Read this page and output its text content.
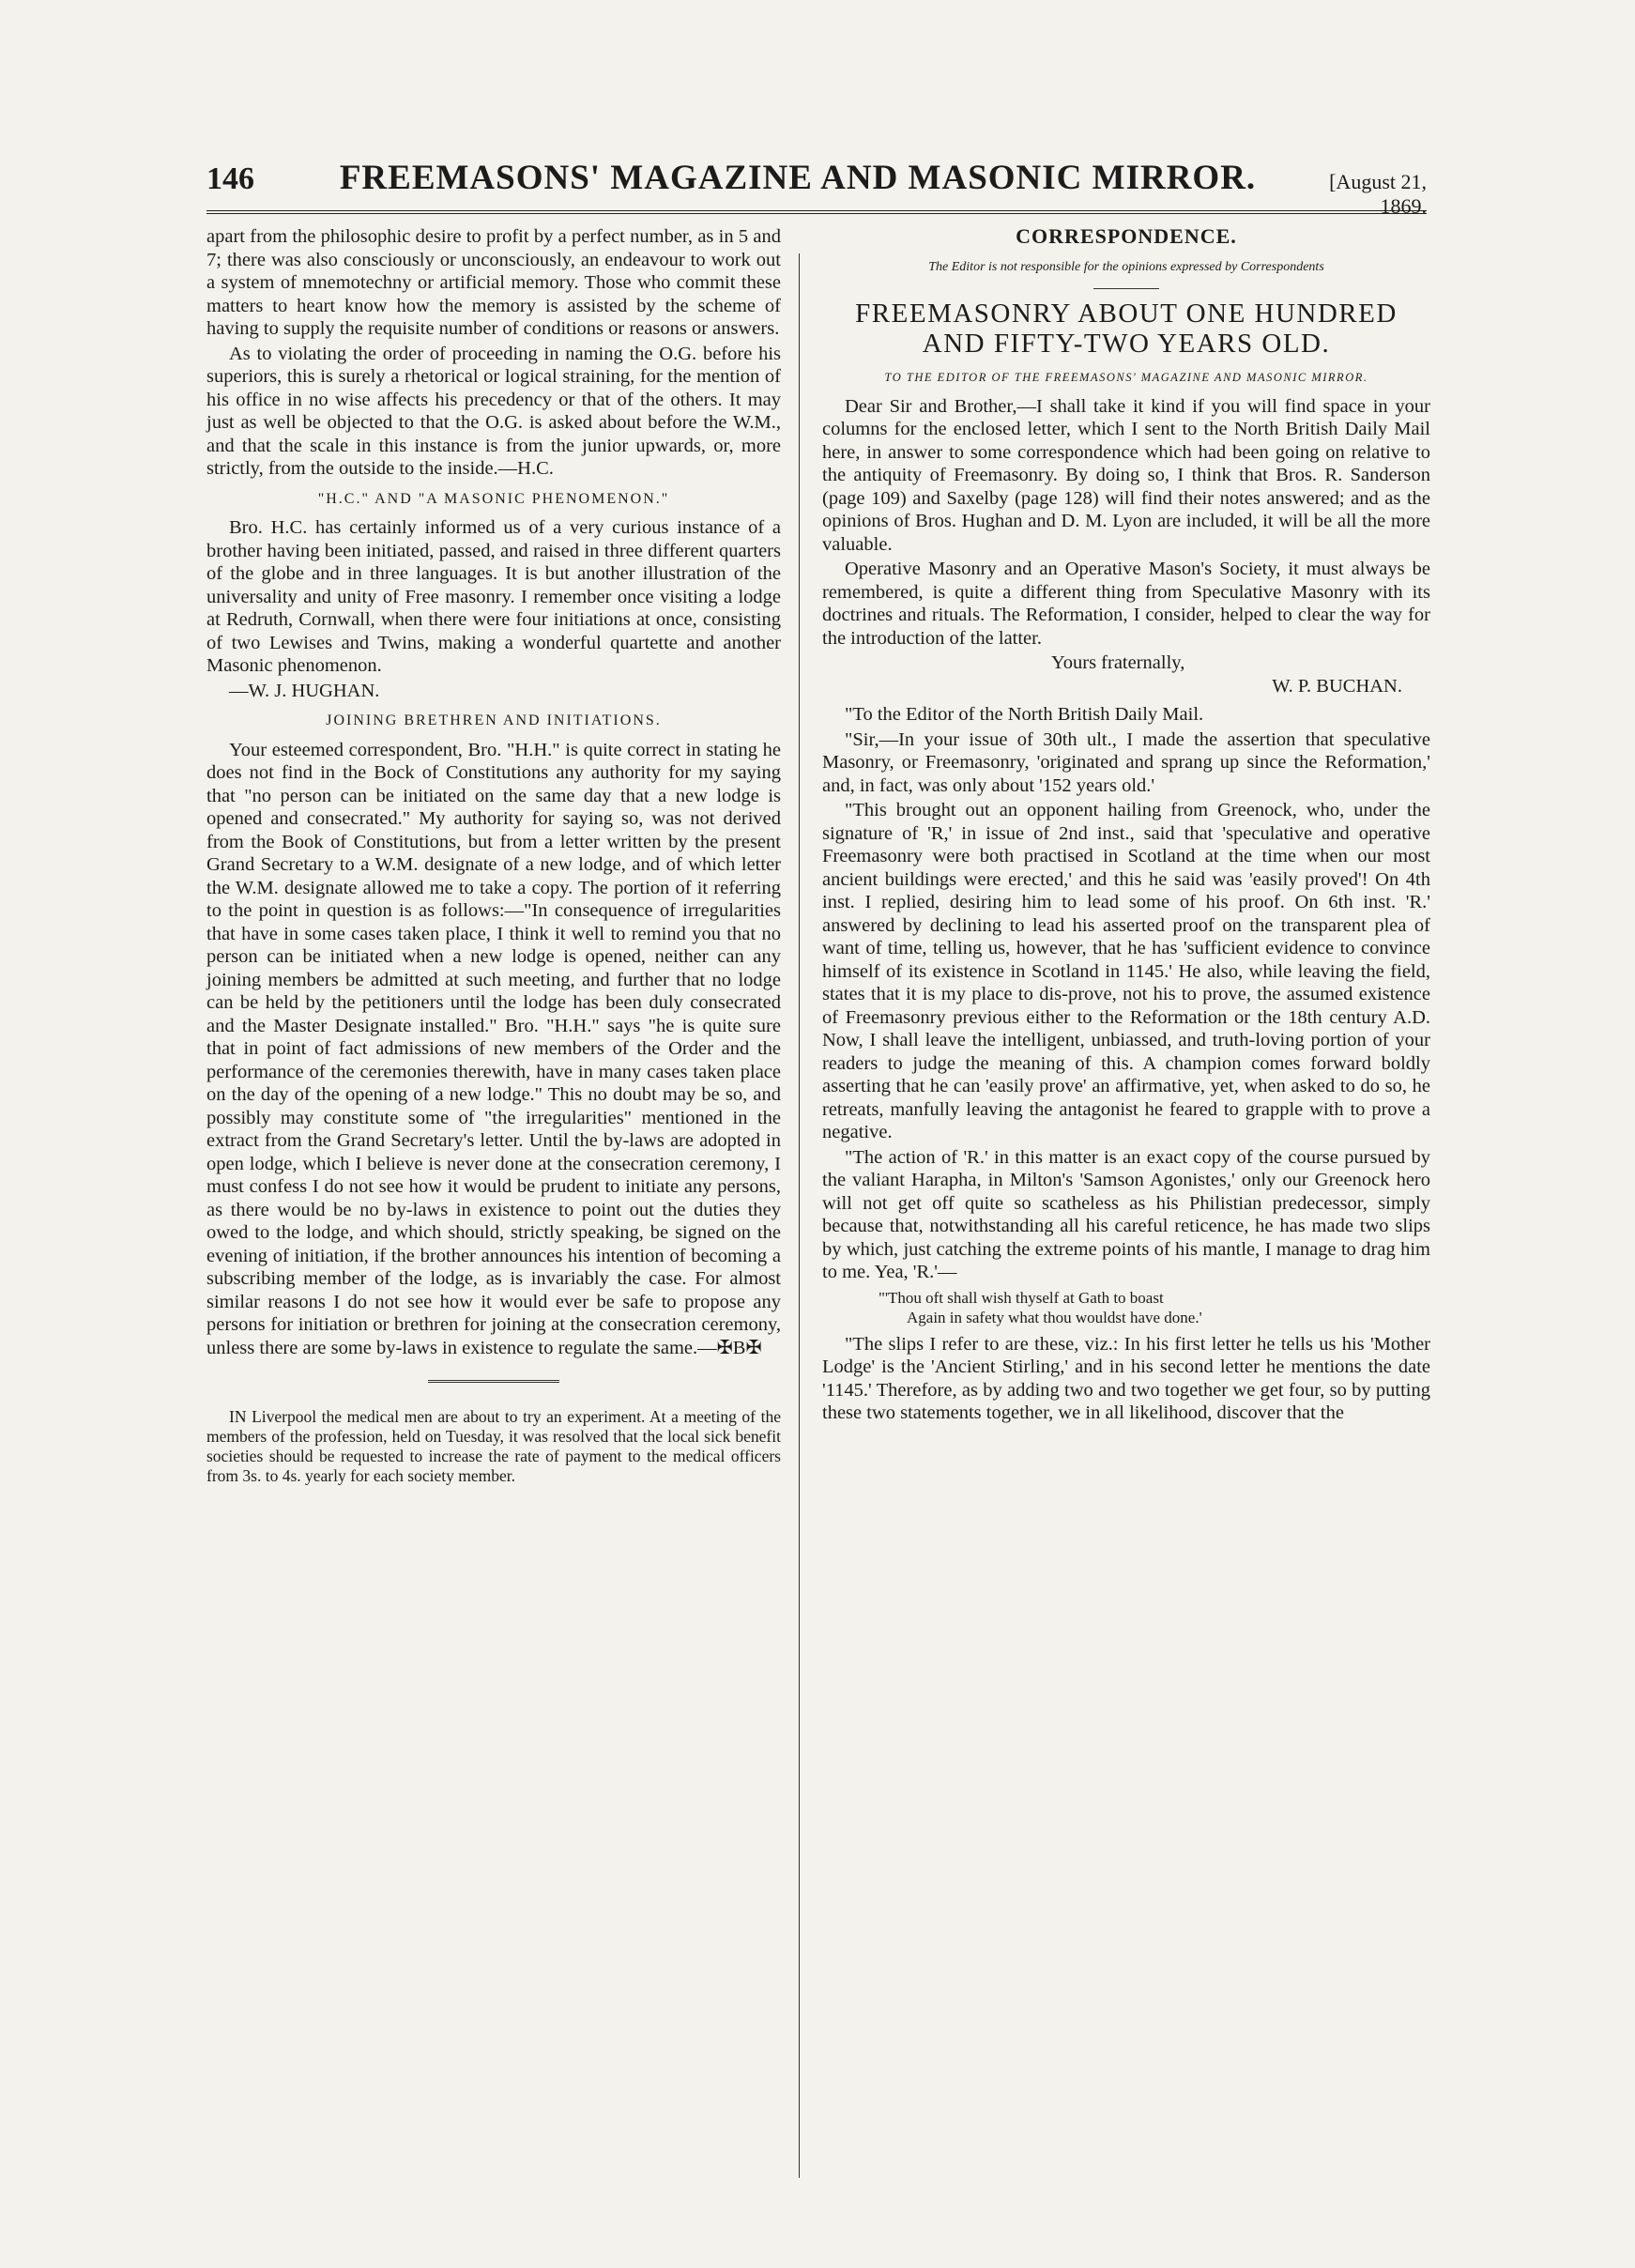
146	FREEMASONS' MAGAZINE AND MASONIC MIRROR.	[August 21, 1869.

apart from the philosophic desire to profit by a perfect number, as in 5 and 7; there was also consciously or unconsciously, an endeavour to work out a system of mnemotechny or artificial memory. Those who commit these matters to heart know how the memory is assisted by the scheme of having to supply the requisite number of conditions or reasons or answers.

As to violating the order of proceeding in naming the O.G. before his superiors, this is surely a rhetorical or logical straining, for the mention of his office in no wise affects his precedency or that of the others. It may just as well be objected to that the O.G. is asked about before the W.M., and that the scale in this instance is from the junior upwards, or, more strictly, from the outside to the inside.—H.C.

"H.C." AND "A MASONIC PHENOMENON."

Bro. H.C. has certainly informed us of a very curious instance of a brother having been initiated, passed, and raised in three different quarters of the globe and in three languages. It is but another illustration of the universality and unity of Free masonry. I remember once visiting a lodge at Redruth, Cornwall, when there were four initiations at once, consisting of two Lewises and Twins, making a wonderful quartette and another Masonic phenomenon.

—W. J. HUGHAN.

JOINING BRETHREN AND INITIATIONS.

Your esteemed correspondent, Bro. "H.H." is quite correct in stating he does not find in the Bock of Constitutions any authority for my saying that "no person can be initiated on the same day that a new lodge is opened and consecrated." My authority for saying so, was not derived from the Book of Constitutions, but from a letter written by the present Grand Secretary to a W.M. designate of a new lodge, and of which letter the W.M. designate allowed me to take a copy. The portion of it referring to the point in question is as follows:—"In consequence of irregularities that have in some cases taken place, I think it well to remind you that no person can be initiated when a new lodge is opened, neither can any joining members be admitted at such meeting, and further that no lodge can be held by the petitioners until the lodge has been duly consecrated and the Master Designate installed." Bro. "H.H." says "he is quite sure that in point of fact admissions of new members of the Order and the performance of the ceremonies therewith, have in many cases taken place on the day of the opening of a new lodge." This no doubt may be so, and possibly may constitute some of "the irregularities" mentioned in the extract from the Grand Secretary's letter. Until the by-laws are adopted in open lodge, which I believe is never done at the consecration ceremony, I must confess I do not see how it would be prudent to initiate any persons, as there would be no by-laws in existence to point out the duties they owed to the lodge, and which should, strictly speaking, be signed on the evening of initiation, if the brother announces his intention of becoming a subscribing member of the lodge, as is invariably the case. For almost similar reasons I do not see how it would ever be safe to propose any persons for initiation or brethren for joining at the consecration ceremony, unless there are some by-laws in existence to regulate the same.—✠B✠

IN Liverpool the medical men are about to try an experiment. At a meeting of the members of the profession, held on Tuesday, it was resolved that the local sick benefit societies should be requested to increase the rate of payment to the medical officers from 3s. to 4s. yearly for each society member.

CORRESPONDENCE.
The Editor is not responsible for the opinions expressed by Correspondents
FREEMASONRY ABOUT ONE HUNDRED AND FIFTY-TWO YEARS OLD.
TO THE EDITOR OF THE FREEMASONS' MAGAZINE AND MASONIC MIRROR.

Dear Sir and Brother,—I shall take it kind if you will find space in your columns for the enclosed letter, which I sent to the North British Daily Mail here, in answer to some correspondence which had been going on relative to the antiquity of Freemasonry. By doing so, I think that Bros. R. Sanderson (page 109) and Saxelby (page 128) will find their notes answered; and as the opinions of Bros. Hughan and D. M. Lyon are included, it will be all the more valuable.

Operative Masonry and an Operative Mason's Society, it must always be remembered, is quite a different thing from Speculative Masonry with its doctrines and rituals. The Reformation, I consider, helped to clear the way for the introduction of the latter.

Yours fraternally,

W. P. BUCHAN.

"To the Editor of the North British Daily Mail.

"Sir,—In your issue of 30th ult., I made the assertion that speculative Masonry, or Freemasonry, 'originated and sprang up since the Reformation,' and, in fact, was only about '152 years old.'

"This brought out an opponent hailing from Greenock, who, under the signature of 'R,' in issue of 2nd inst., said that 'speculative and operative Freemasonry were both practised in Scotland at the time when our most ancient buildings were erected,' and this he said was 'easily proved'! On 4th inst. I replied, desiring him to lead some of his proof. On 6th inst. 'R.' answered by declining to lead his asserted proof on the transparent plea of want of time, telling us, however, that he has 'sufficient evidence to convince himself of its existence in Scotland in 1145.' He also, while leaving the field, states that it is my place to dis-prove, not his to prove, the assumed existence of Freemasonry previous either to the Reformation or the 18th century A.D. Now, I shall leave the intelligent, unbiassed, and truth-loving portion of your readers to judge the meaning of this. A champion comes forward boldly asserting that he can 'easily prove' an affirmative, yet, when asked to do so, he retreats, manfully leaving the antagonist he feared to grapple with to prove a negative.

"The action of 'R.' in this matter is an exact copy of the course pursued by the valiant Harapha, in Milton's 'Samson Agonistes,' only our Greenock hero will not get off quite so scatheless as his Philistian predecessor, simply because that, notwithstanding all his careful reticence, he has made two slips by which, just catching the extreme points of his mantle, I manage to drag him to me. Yea, 'R.'—

"'Thou oft shall wish thyself at Gath to boast
Again in safety what thou wouldst have done.'

"The slips I refer to are these, viz.: In his first letter he tells us his 'Mother Lodge' is the 'Ancient Stirling,' and in his second letter he mentions the date '1145.' Therefore, as by adding two and two together we get four, so by putting these two statements together, we in all likelihood, discover that the
